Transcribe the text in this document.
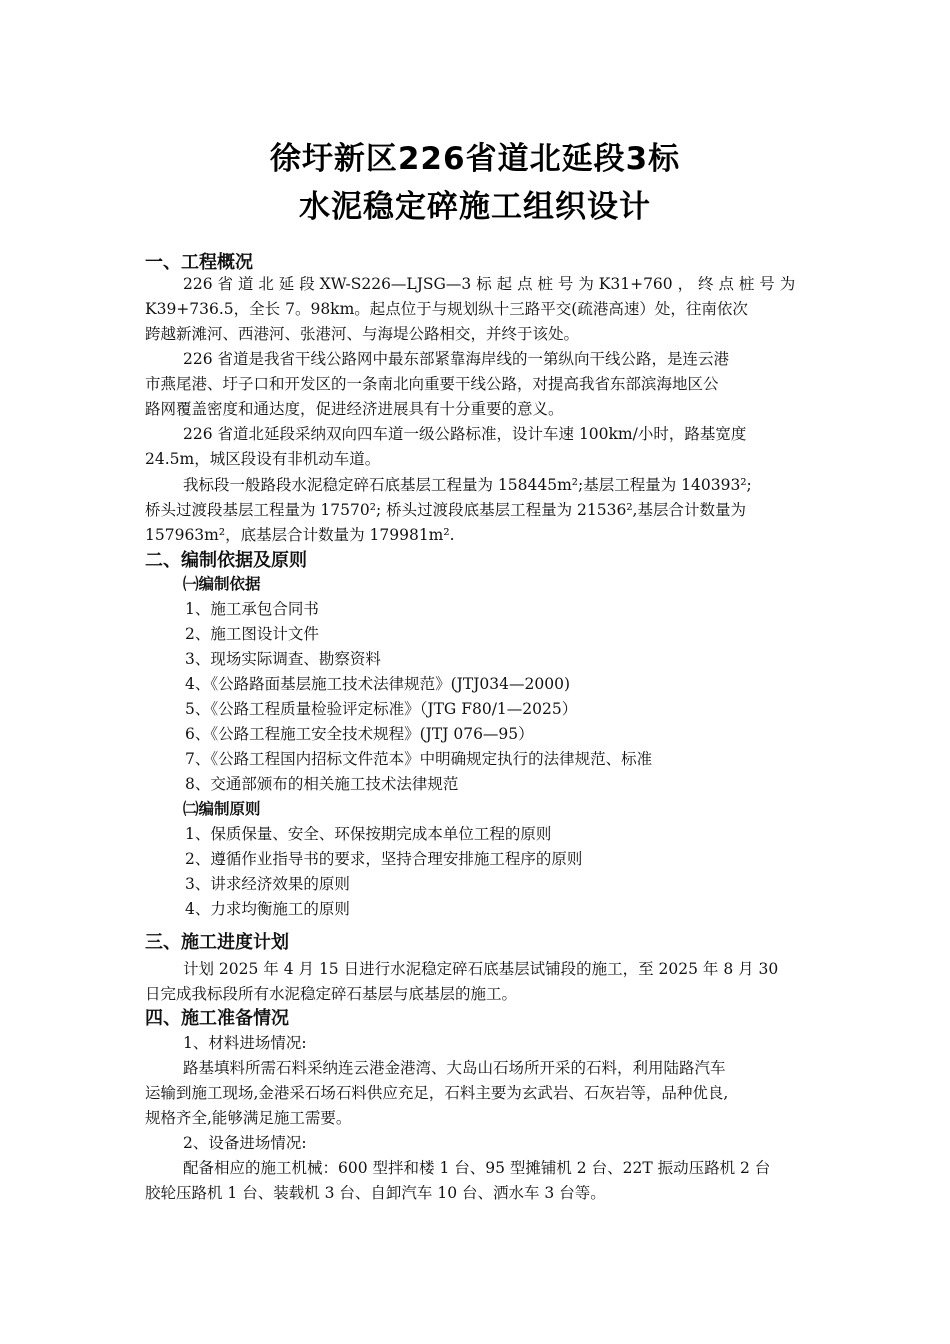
徐圩新区226省道北延段3标
水泥稳定碎施工组织设计
一、工程概况
226 省 道 北 延 段 XW-S226—LJSG—3 标 起 点 桩 号 为 K31+760 ， 终 点 桩 号 为
K39+736.5，全长 7。98km。起点位于与规划纵十三路平交(疏港高速）处，往南依次
跨越新滩河、西港河、张港河、与海堤公路相交，并终于该处。
226 省道是我省干线公路网中最东部紧靠海岸线的一第纵向干线公路，是连云港
市燕尾港、圩子口和开发区的一条南北向重要干线公路，对提高我省东部滨海地区公
路网覆盖密度和通达度，促进经济进展具有十分重要的意义。
226 省道北延段采纳双向四车道一级公路标准，设计车速 100km/小时，路基宽度
24.5m，城区段设有非机动车道。
我标段一般路段水泥稳定碎石底基层工程量为 158445m²;基层工程量为 140393²;
桥头过渡段基层工程量为 17570²; 桥头过渡段底基层工程量为 21536²,基层合计数量为
157963m²，底基层合计数量为 179981m².
二、编制依据及原则
㈠编制依据
1、施工承包合同书
2、施工图设计文件
3、现场实际调查、勘察资料
4、《公路路面基层施工技术法律规范》(JTJ034—2000)
5、《公路工程质量检验评定标准》（JTG F80/1—2025）
6、《公路工程施工安全技术规程》(JTJ 076—95）
7、《公路工程国内招标文件范本》中明确规定执行的法律规范、标准
8、交通部颁布的相关施工技术法律规范
㈡编制原则
1、保质保量、安全、环保按期完成本单位工程的原则
2、遵循作业指导书的要求，坚持合理安排施工程序的原则
3、讲求经济效果的原则
4、力求均衡施工的原则
三、施工进度计划
计划 2025 年 4 月 15 日进行水泥稳定碎石底基层试铺段的施工，至 2025 年 8 月 30
日完成我标段所有水泥稳定碎石基层与底基层的施工。
四、施工准备情况
1、材料进场情况:
路基填料所需石料采纳连云港金港湾、大岛山石场所开采的石料，利用陆路汽车
运输到施工现场,金港采石场石料供应充足，石料主要为玄武岩、石灰岩等，品种优良,
规格齐全,能够满足施工需要。
2、设备进场情况:
配备相应的施工机械：600 型拌和楼 1 台、95 型摊铺机 2 台、22T 振动压路机 2 台
胶轮压路机 1 台、装载机 3 台、自卸汽车 10 台、洒水车 3 台等。
